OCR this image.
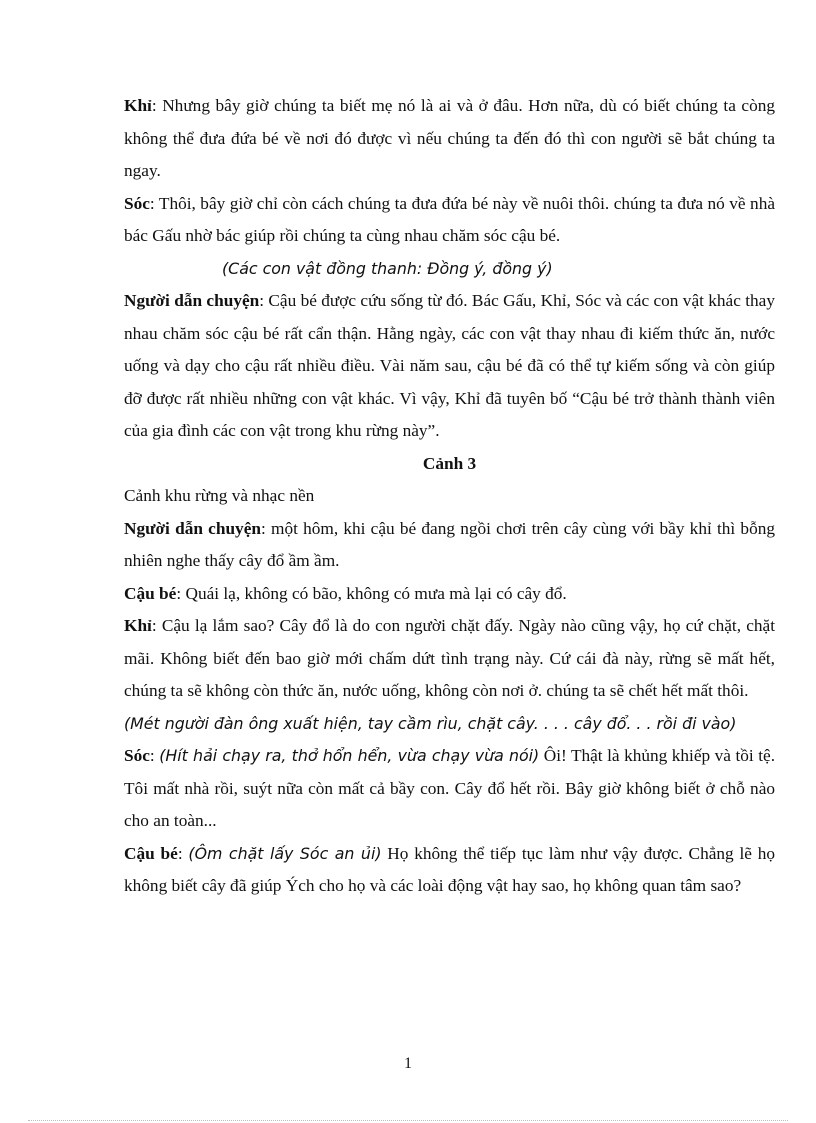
Khỉ: Nhưng bây giờ chúng ta biết mẹ nó là ai và ở đâu. Hơn nữa, dù có biết chúng ta còng không thể đưa đứa bé về nơi đó được vì nếu chúng ta đến đó thì con người sẽ bắt chúng ta ngay.

Sóc: Thôi, bây giờ chỉ còn cách chúng ta đưa đứa bé này về nuôi thôi. chúng ta đưa nó về nhà bác Gấu nhờ bác giúp rồi chúng ta cùng nhau chăm sóc cậu bé.

(Các con vật đồng thanh: Đồng ý, đồng ý)

Người dẫn chuyện: Cậu bé được cứu sống từ đó. Bác Gấu, Khỉ, Sóc và các con vật khác thay nhau chăm sóc cậu bé rất cẩn thận. Hằng ngày, các con vật thay nhau đi kiếm thức ăn, nước uống và dạy cho cậu rất nhiều điều. Vài năm sau, cậu bé đã có thể tự kiếm sống và còn giúp đỡ được rất nhiều những con vật khác. Vì vậy, Khỉ đã tuyên bố “Cậu bé trở thành thành viên của gia đình các con vật trong khu rừng này”.

Cảnh 3

Cảnh khu rừng và nhạc nền

Người dẫn chuyện: một hôm, khi cậu bé đang ngồi chơi trên cây cùng với bầy khỉ thì bỗng nhiên nghe thấy cây đổ ầm ầm.

Cậu bé: Quái lạ, không có bão, không có mưa mà lại có cây đổ.

Khỉ: Cậu lạ lắm sao? Cây đổ là do con người chặt đấy. Ngày nào cũng vậy, họ cứ chặt, chặt mãi. Không biết đến bao giờ mới chấm dứt tình trạng này. Cứ cái đà này, rừng sẽ mất hết, chúng ta sẽ không còn thức ăn, nước uống, không còn nơi ở. chúng ta sẽ chết hết mất thôi.

(Mét người đàn ông xuất hiện, tay cầm rìu, chặt cây. . . . cây đổ. . . rồi đi vào)

Sóc: (Hít hải chạy ra, thở hổn hển, vừa chạy vừa nói) Ôi! Thật là khủng khiếp và tồi tệ. Tôi mất nhà rồi, suýt nữa còn mất cả bầy con. Cây đổ hết rồi. Bây giờ không biết ở chỗ nào cho an toàn...

Cậu bé: (Ôm chặt lấy Sóc an ủi) Họ không thể tiếp tục làm như vậy được. Chẳng lẽ họ không biết cây đã giúp Ých cho họ và các loài động vật hay sao, họ không quan tâm sao?

1
